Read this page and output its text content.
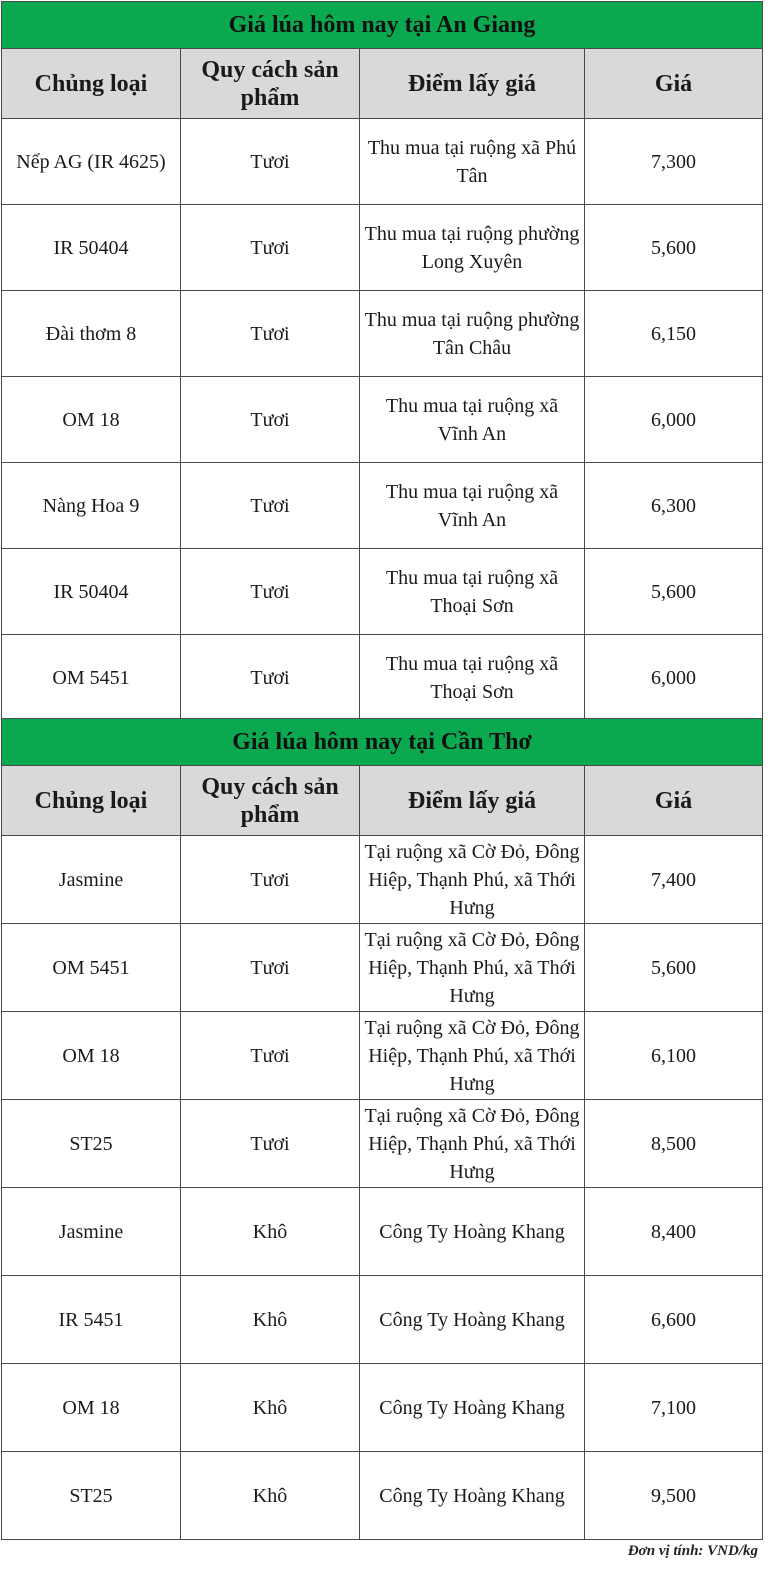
Giá lúa hôm nay tại An Giang			
Chủng loại	Quy cách sản phẩm	Điểm lấy giá	Giá
Nếp AG (IR 4625)	Tươi	Thu mua tại ruộng xã Phú Tân	7,300
IR 50404	Tươi	Thu mua tại ruộng phường Long Xuyên	5,600
Đài thơm 8	Tươi	Thu mua tại ruộng phường Tân Châu	6,150
OM 18	Tươi	Thu mua tại ruộng xã Vĩnh An	6,000
Nàng Hoa 9	Tươi	Thu mua tại ruộng xã Vĩnh An	6,300
IR 50404	Tươi	Thu mua tại ruộng xã Thoại Sơn	5,600
OM 5451	Tươi	Thu mua tại ruộng xã Thoại Sơn	6,000
Giá lúa hôm nay tại Cần Thơ			
Chủng loại	Quy cách sản phẩm	Điểm lấy giá	Giá
Jasmine	Tươi	Tại ruộng xã Cờ Đỏ, Đông Hiệp, Thạnh Phú, xã Thới Hưng	7,400
OM 5451	Tươi	Tại ruộng xã Cờ Đỏ, Đông Hiệp, Thạnh Phú, xã Thới Hưng	5,600
OM 18	Tươi	Tại ruộng xã Cờ Đỏ, Đông Hiệp, Thạnh Phú, xã Thới Hưng	6,100
ST25	Tươi	Tại ruộng xã Cờ Đỏ, Đông Hiệp, Thạnh Phú, xã Thới Hưng	8,500
Jasmine	Khô	Công Ty Hoàng Khang	8,400
IR 5451	Khô	Công Ty Hoàng Khang	6,600
OM 18	Khô	Công Ty Hoàng Khang	7,100
ST25	Khô	Công Ty Hoàng Khang	9,500
Đơn vị tính: VND/kg
